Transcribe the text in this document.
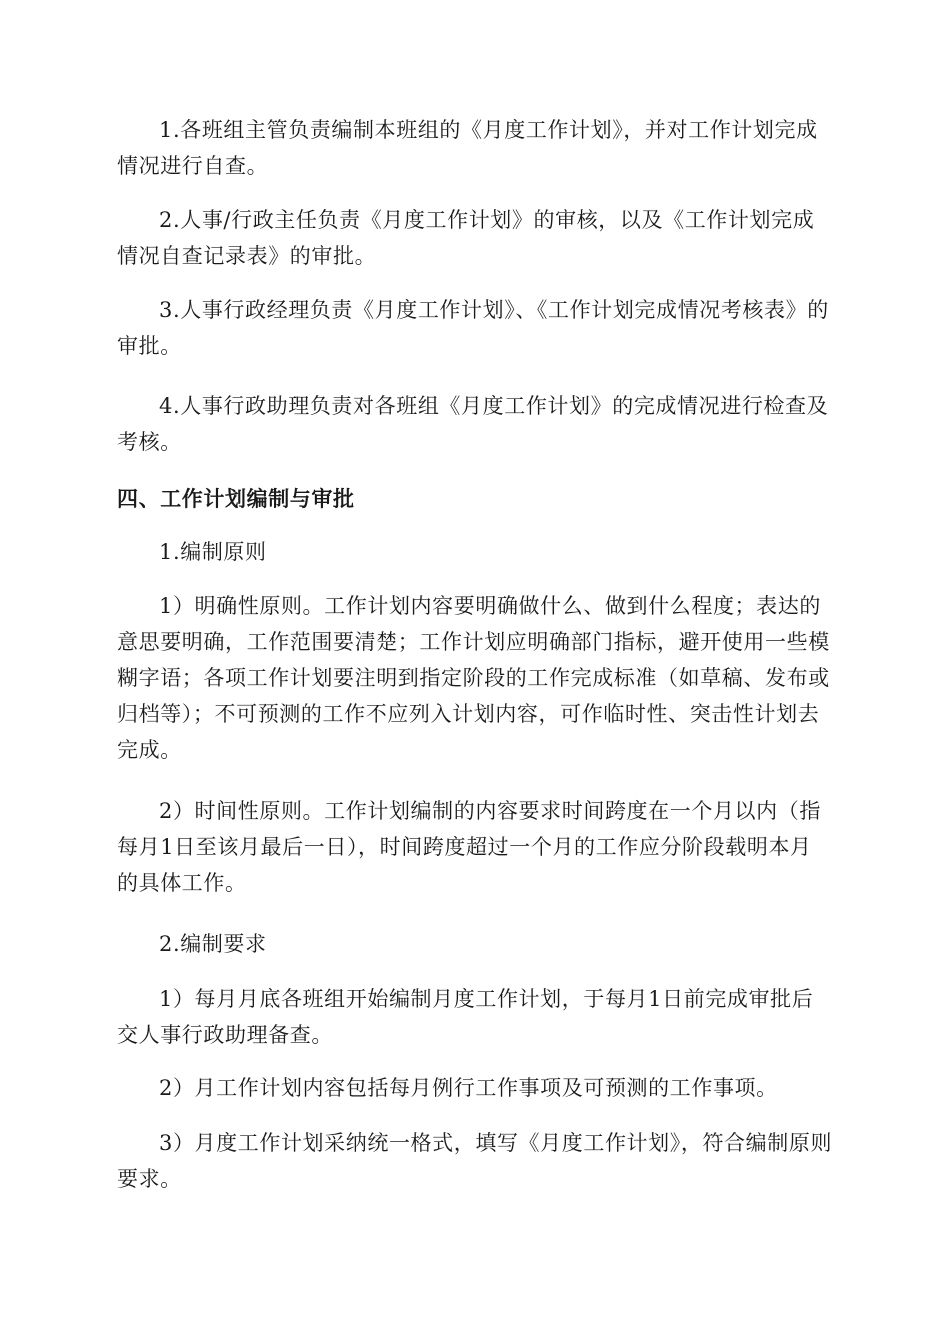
1.各班组主管负责编制本班组的《月度工作计划》，并对工作计划完成情况进行自查。

2.人事/行政主任负责《月度工作计划》的审核，以及《工作计划完成情况自查记录表》的审批。

3.人事行政经理负责《月度工作计划》、《工作计划完成情况考核表》的审批。

4.人事行政助理负责对各班组《月度工作计划》的完成情况进行检查及考核。

四、工作计划编制与审批

1.编制原则

1）明确性原则。工作计划内容要明确做什么、做到什么程度；表达的意思要明确，工作范围要清楚；工作计划应明确部门指标，避开使用一些模糊字语；各项工作计划要注明到指定阶段的工作完成标准（如草稿、发布或归档等）；不可预测的工作不应列入计划内容，可作临时性、突击性计划去完成。

2）时间性原则。工作计划编制的内容要求时间跨度在一个月以内（指每月1日至该月最后一日），时间跨度超过一个月的工作应分阶段载明本月的具体工作。

2.编制要求

1）每月月底各班组开始编制月度工作计划，于每月1日前完成审批后交人事行政助理备查。

2）月工作计划内容包括每月例行工作事项及可预测的工作事项。

3）月度工作计划采纳统一格式，填写《月度工作计划》，符合编制原则要求。
